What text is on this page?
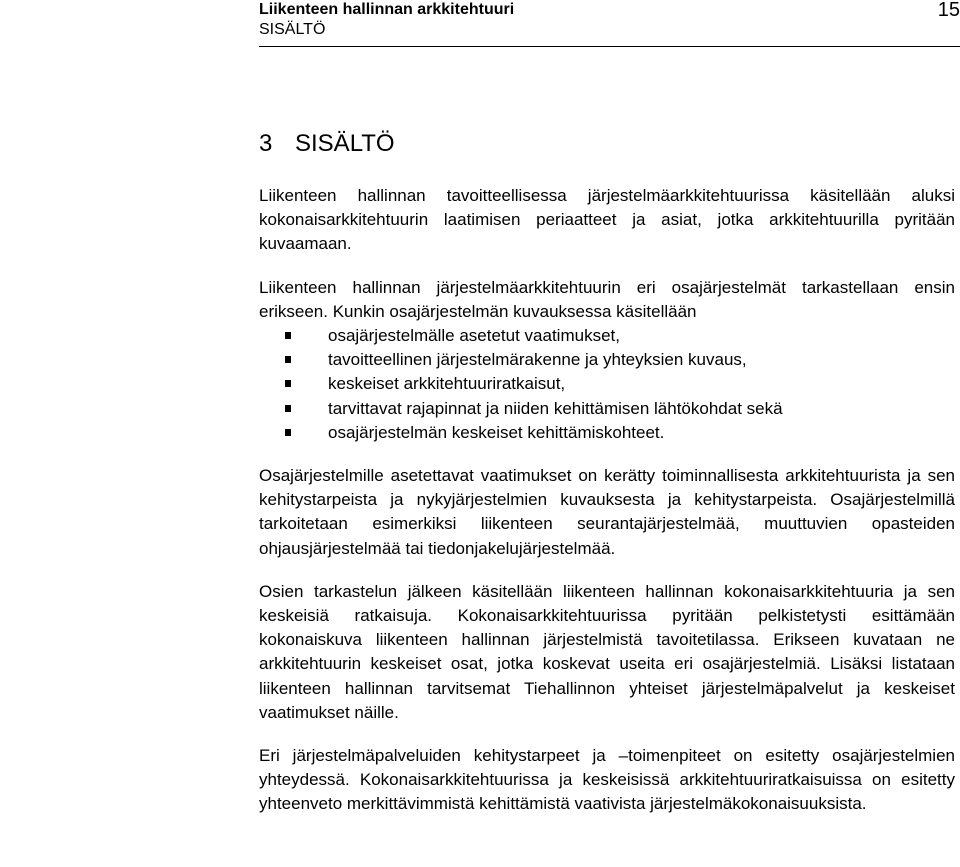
Liikenteen hallinnan arkkitehtuuri
SISÄLTÖ
15
3 SISÄLTÖ

Liikenteen hallinnan tavoitteellisessa järjestelmäarkkitehtuurissa käsitellään aluksi kokonaisarkkitehtuurin laatimisen periaatteet ja asiat, jotka arkkitehtuurilla pyritään kuvaamaan.

Liikenteen hallinnan järjestelmäarkkitehtuurin eri osajärjestelmät tarkastellaan ensin erikseen. Kunkin osajärjestelmän kuvauksessa käsitellään

osajärjestelmälle asetetut vaatimukset,
tavoitteellinen järjestelmärakenne ja yhteyksien kuvaus,
keskeiset arkkitehtuuriratkaisut,
tarvittavat rajapinnat ja niiden kehittämisen lähtökohdat sekä
osajärjestelmän keskeiset kehittämiskohteet.

Osajärjestelmille asetettavat vaatimukset on kerätty toiminnallisesta arkkitehtuurista ja sen kehitystarpeista ja nykyjärjestelmien kuvauksesta ja kehitystarpeista. Osajärjestelmillä tarkoitetaan esimerkiksi liikenteen seurantajärjestelmää, muuttuvien opasteiden ohjausjärjestelmää tai tiedonjakelujärjestelmää.

Osien tarkastelun jälkeen käsitellään liikenteen hallinnan kokonaisarkkitehtuuria ja sen keskeisiä ratkaisuja. Kokonaisarkkitehtuurissa pyritään pelkistetysti esittämään kokonaiskuva liikenteen hallinnan järjestelmistä tavoitetilassa. Erikseen kuvataan ne arkkitehtuurin keskeiset osat, jotka koskevat useita eri osajärjestelmiä. Lisäksi listataan liikenteen hallinnan tarvitsemat Tiehallinnon yhteiset järjestelmäpalvelut ja keskeiset vaatimukset näille.

Eri järjestelmäpalveluiden kehitystarpeet ja –toimenpiteet on esitetty osajärjestelmien yhteydessä. Kokonaisarkkitehtuurissa ja keskeisissä arkkitehtuuriratkaisuissa on esitetty yhteenveto merkittävimmistä kehittämistä vaativista järjestelmäkokonaisuuksista.
